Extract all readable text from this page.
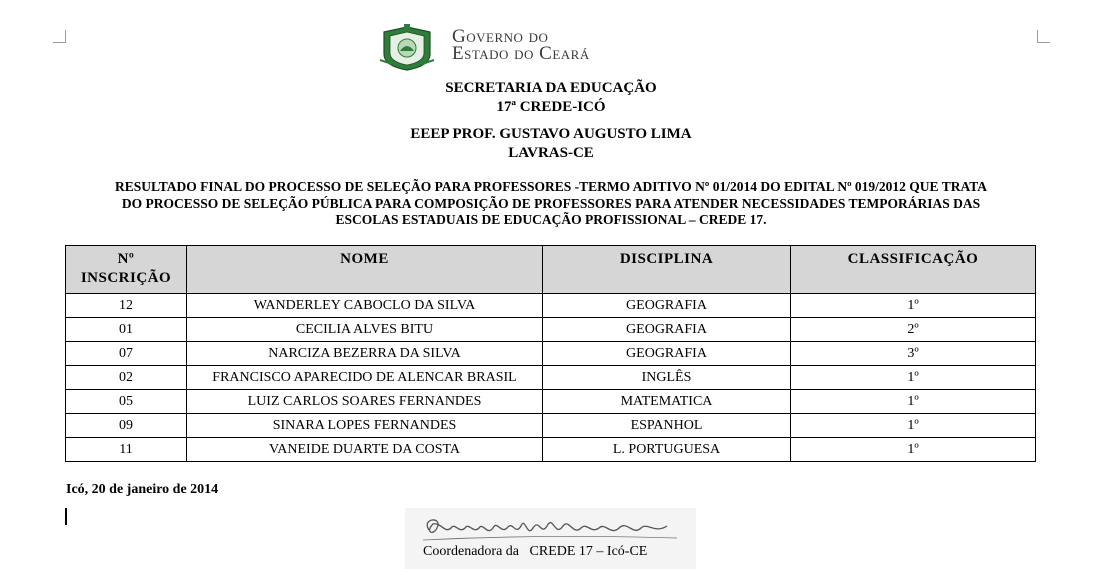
Governo do
Estado do Ceará
SECRETARIA DA EDUCAÇÃO
17ª CREDE-ICÓ
EEEP PROF. GUSTAVO AUGUSTO LIMA
LAVRAS-CE
RESULTADO FINAL DO PROCESSO DE SELEÇÃO PARA PROFESSORES -TERMO ADITIVO Nº 01/2014 DO EDITAL Nº 019/2012 QUE TRATA
DO PROCESSO DE SELEÇÃO PÚBLICA PARA COMPOSIÇÃO DE PROFESSORES PARA ATENDER NECESSIDADES TEMPORÁRIAS DAS
ESCOLAS ESTADUAIS DE EDUCAÇÃO PROFISSIONAL – CREDE 17.
Nº
INSCRIÇÃO	NOME	DISCIPLINA	CLASSIFICAÇÃO
12	WANDERLEY CABOCLO DA SILVA	GEOGRAFIA	1º
01	CECILIA ALVES BITU	GEOGRAFIA	2º
07	NARCIZA BEZERRA DA SILVA	GEOGRAFIA	3º
02	FRANCISCO APARECIDO DE ALENCAR BRASIL	INGLÊS	1º
05	LUIZ CARLOS SOARES FERNANDES	MATEMATICA	1º
09	SINARA LOPES FERNANDES	ESPANHOL	1º
11	VANEIDE DUARTE DA COSTA	L. PORTUGUESA	1º
Icó, 20 de janeiro de 2014
Coordenadora da   CREDE 17 – Icó-CE
